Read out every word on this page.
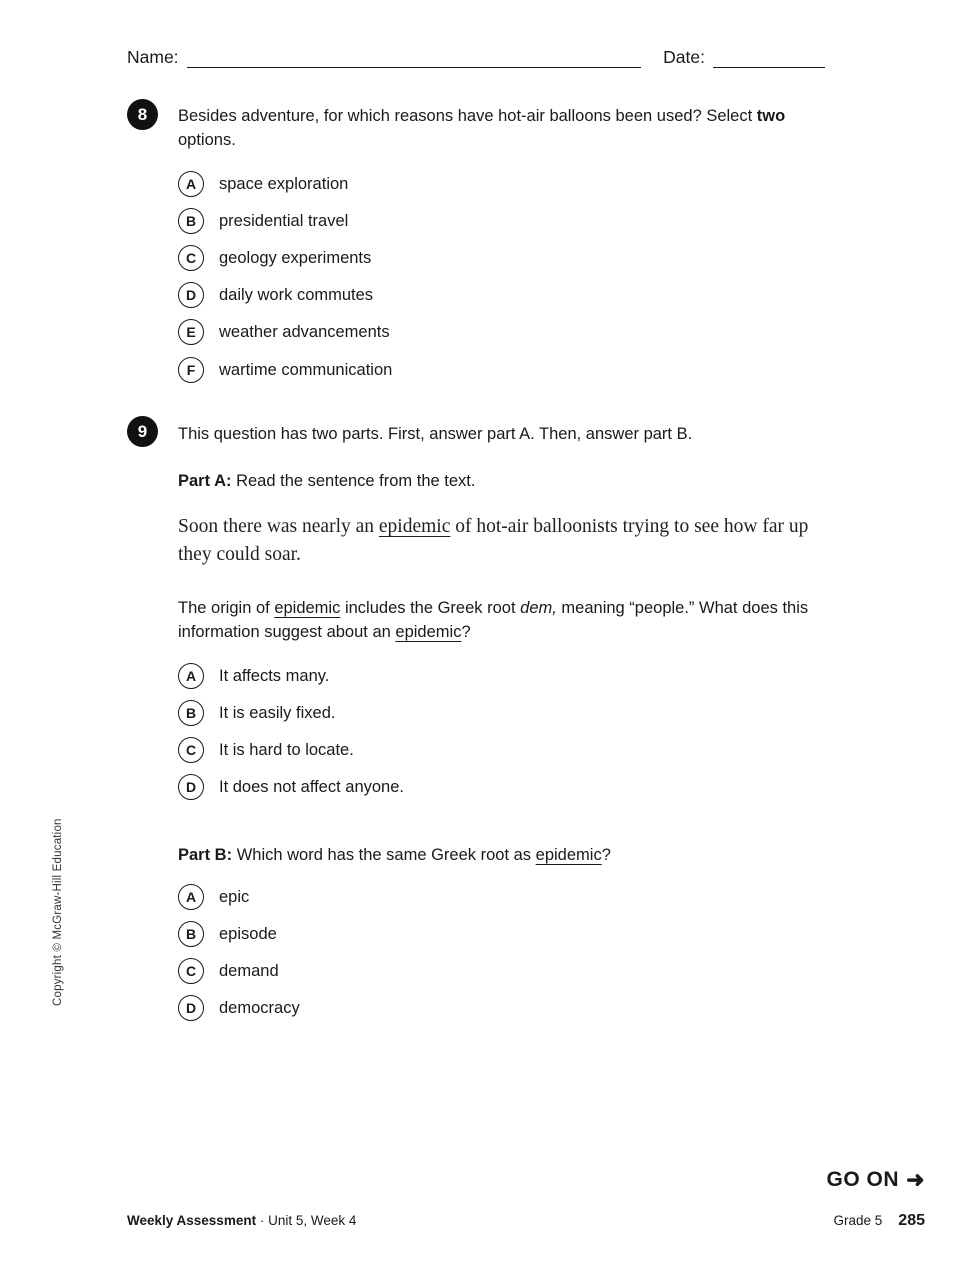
Name:	Date:
8	Besides adventure, for which reasons have hot-air balloons been used? Select two options.
A	space exploration
B	presidential travel
C	geology experiments
D	daily work commutes
E	weather advancements
F	wartime communication
9	This question has two parts. First, answer part A. Then, answer part B.
Part A: Read the sentence from the text.
Soon there was nearly an epidemic of hot-air balloonists trying to see how far up they could soar.
The origin of epidemic includes the Greek root dem, meaning “people.” What does this information suggest about an epidemic?
A	It affects many.
B	It is easily fixed.
C	It is hard to locate.
D	It does not affect anyone.
Part B: Which word has the same Greek root as epidemic?
A	epic
B	episode
C	demand
D	democracy
Copyright © McGraw-Hill Education
GO ON ➜
Weekly Assessment · Unit 5, Week 4	Grade 5 285
